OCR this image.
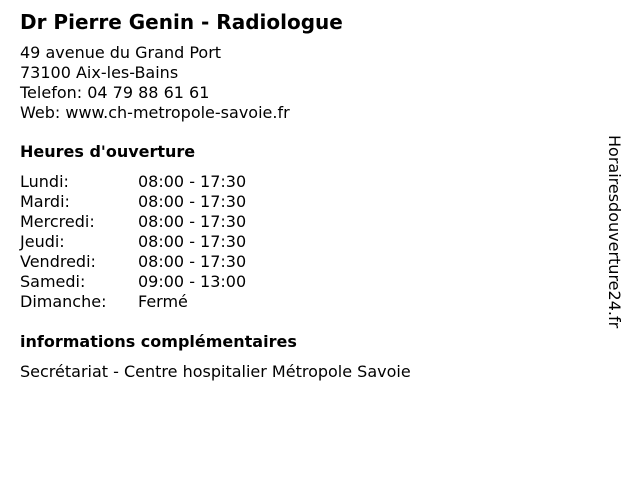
Dr Pierre Genin - Radiologue
49 avenue du Grand Port
73100 Aix-les-Bains
Telefon: 04 79 88 61 61
Web: www.ch-metropole-savoie.fr
Heures d'ouverture
Lundi:	08:00 - 17:30
Mardi:	08:00 - 17:30
Mercredi:	08:00 - 17:30
Jeudi:	08:00 - 17:30
Vendredi:	08:00 - 17:30
Samedi:	09:00 - 13:00
Dimanche:	Fermé
informations complémentaires
Secrétariat - Centre hospitalier Métropole Savoie
Horairesdouverture24.fr
